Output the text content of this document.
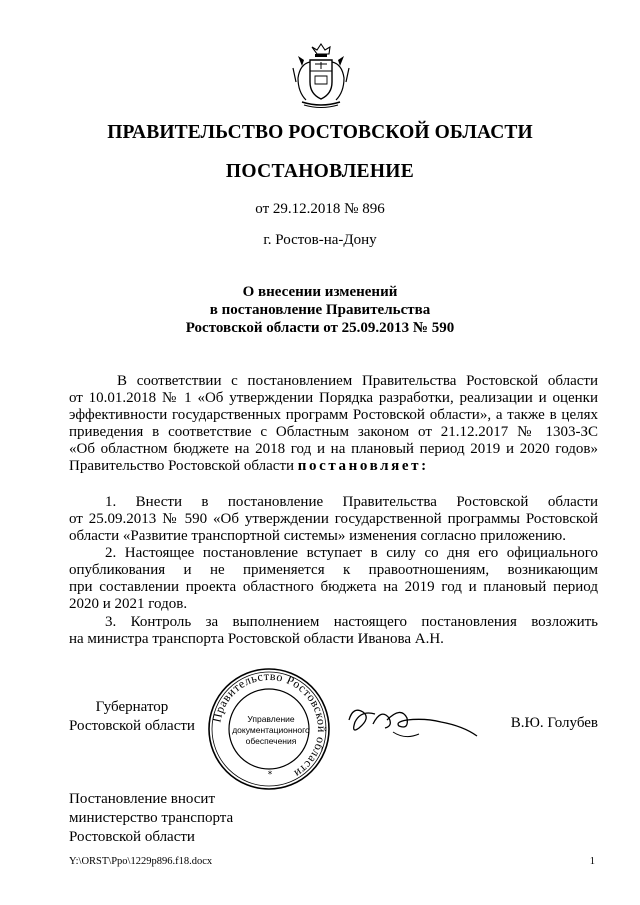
ПРАВИТЕЛЬСТВО РОСТОВСКОЙ ОБЛАСТИ
ПОСТАНОВЛЕНИЕ
от 29.12.2018 № 896
г. Ростов-на-Дону
О внесении изменений
в постановление Правительства
Ростовской области от 25.09.2013 № 590
В соответствии с постановлением Правительства Ростовской области
от 10.01.2018 № 1 «Об утверждении Порядка разработки, реализации и оценки
эффективности государственных программ Ростовской области», а также в целях
приведения в соответствие с Областным законом от 21.12.2017 № 1303-ЗС
«Об областном бюджете на 2018 год и на плановый период 2019 и 2020 годов»
Правительство Ростовской области постановляет:
1. Внести в постановление Правительства Ростовской области
от 25.09.2013 № 590 «Об утверждении государственной программы Ростовской
области «Развитие транспортной системы» изменения согласно приложению.
2. Настоящее постановление вступает в силу со дня его официального
опубликования и не применяется к правоотношениям, возникающим
при составлении проекта областного бюджета на 2019 год и плановый период
2020 и 2021 годов.
3. Контроль за выполнением настоящего постановления возложить
на министра транспорта Ростовской области Иванова А.Н.
Губернатор
Ростовской области
Правительство Ростовской области
Управление
документационного
обеспечения
*
В.Ю. Голубев
Постановление вносит
министерство транспорта
Ростовской области
Y:\ORST\Ppo\1229p896.f18.docx	1
